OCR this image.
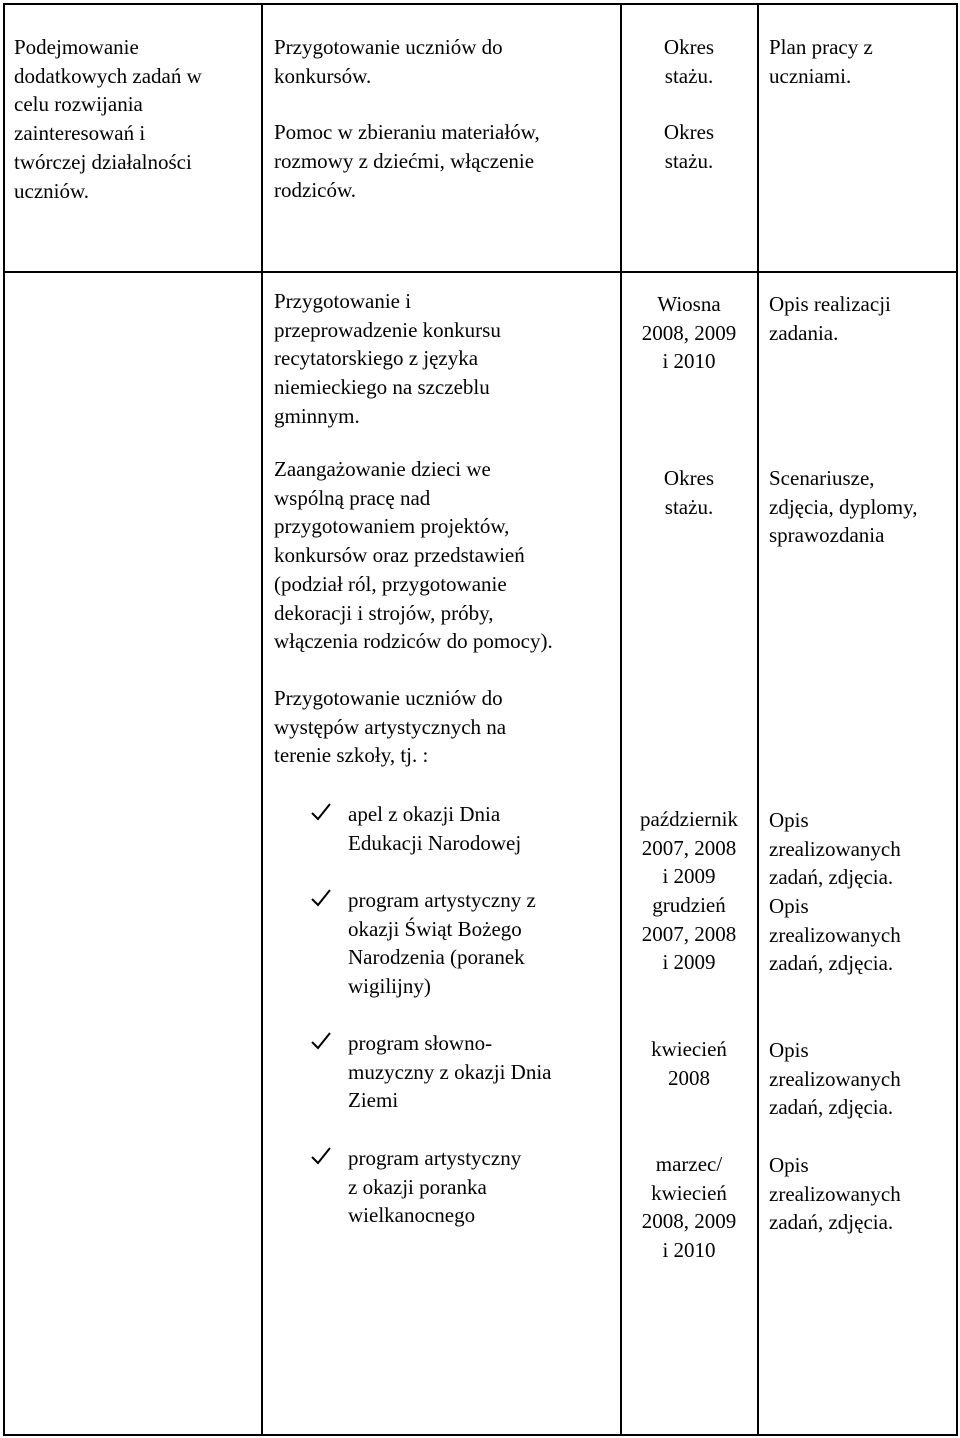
Podejmowanie
dodatkowych zadań w
celu rozwijania
zainteresowań i
twórczej działalności
uczniów.

Przygotowanie uczniów do
konkursów.

Pomoc w zbieraniu materiałów,
rozmowy z dziećmi, włączenie
rodziców.

Okres
stażu.

Okres
stażu.

Plan pracy z
uczniami.

Przygotowanie i
przeprowadzenie konkursu
recytatorskiego z języka
niemieckiego na szczeblu
gminnym.

Wiosna
2008, 2009
i 2010

Opis realizacji
zadania.

Zaangażowanie dzieci we
wspólną pracę nad
przygotowaniem projektów,
konkursów oraz przedstawień
(podział ról, przygotowanie
dekoracji i strojów, próby,
włączenia rodziców do pomocy).

Okres
stażu.

Scenariusze,
zdjęcia, dyplomy,
sprawozdania

Przygotowanie uczniów do
występów artystycznych na
terenie szkoły, tj. :

apel z okazji Dnia
Edukacji Narodowej
program artystyczny z
okazji Świąt Bożego
Narodzenia (poranek
wigilijny)
program słowno-
muzyczny z okazji Dnia
Ziemi
program artystyczny
z okazji poranka
wielkanocnego

październik
2007, 2008
i 2009

grudzień
2007, 2008
i 2009

kwiecień
2008

marzec/
kwiecień
2008, 2009
i 2010

Opis
zrealizowanych
zadań, zdjęcia.

Opis
zrealizowanych
zadań, zdjęcia.

Opis
zrealizowanych
zadań, zdjęcia.

Opis
zrealizowanych
zadań, zdjęcia.
